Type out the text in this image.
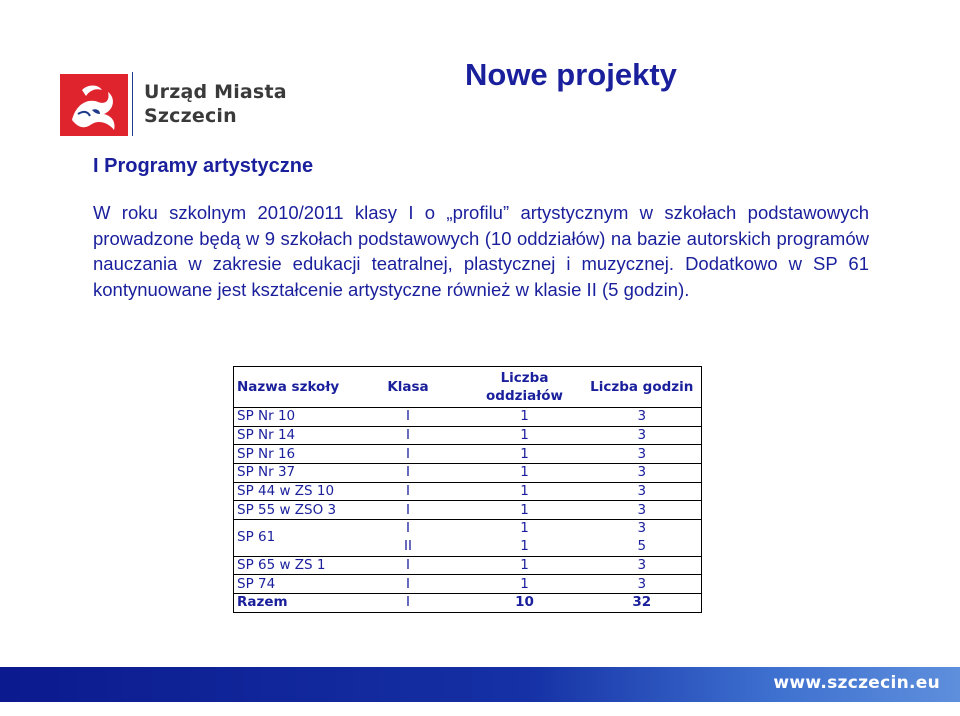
Urząd Miasta
Szczecin
Nowe projekty
I Programy artystyczne
W roku szkolnym 2010/2011 klasy I o „profilu” artystycznym w szkołach podstawowych prowadzone będą w 9 szkołach podstawowych (10 oddziałów) na bazie autorskich programów nauczania w zakresie edukacji teatralnej, plastycznej i muzycznej. Dodatkowo w SP 61 kontynuowane jest kształcenie artystyczne również w klasie II (5 godzin).
Nazwa szkoły	Klasa	Liczba oddziałów	Liczba godzin
SP Nr 10	I	1	3
SP Nr 14	I	1	3
SP Nr 16	I	1	3
SP Nr 37	I	1	3
SP 44 w ZS 10	I	1	3
SP 55 w ZSO 3	I	1	3
SP 61	I	1	3
	II	1	5
SP 65 w ZS 1	I	1	3
SP 74	I	1	3
Razem	I	10	32
www.szczecin.eu
